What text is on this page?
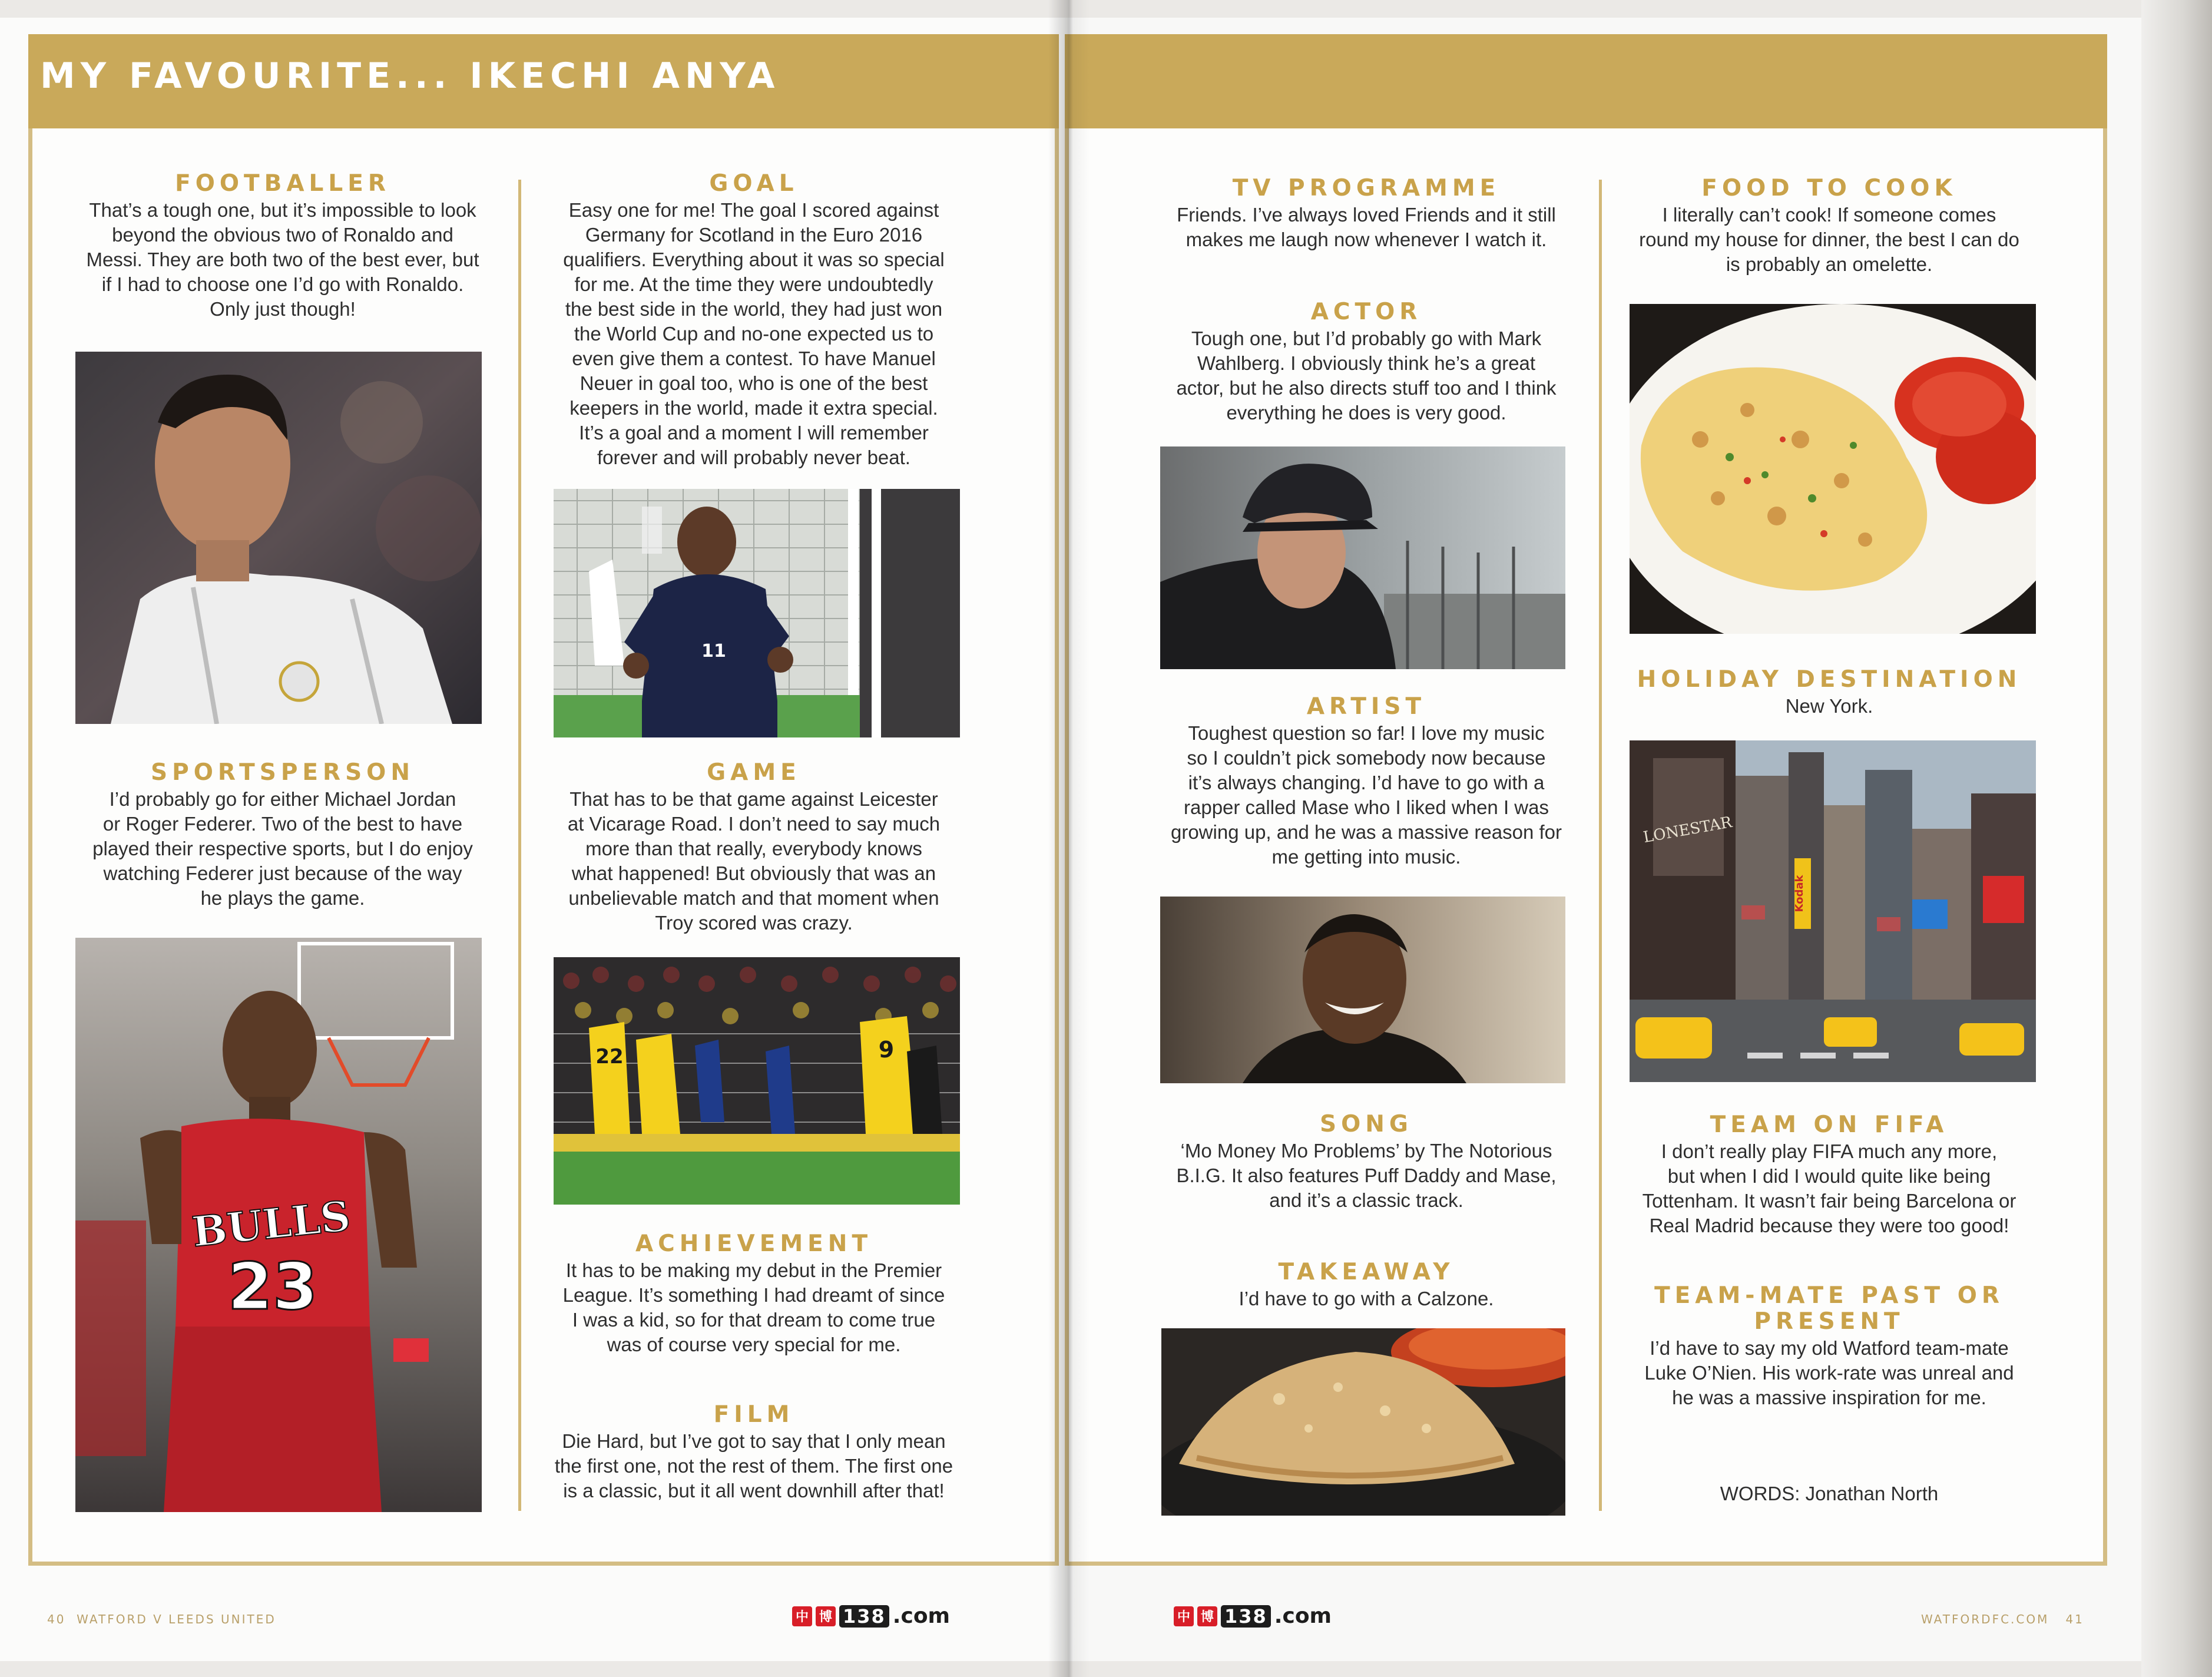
MY FAVOURITE... IKECHI ANYA
FOOTBALLER
That’s a tough one, but it’s impossible to look
beyond the obvious two of Ronaldo and
Messi. They are both two of the best ever, but
if I had to choose one I’d go with Ronaldo.
Only just though!
SPORTSPERSON
I’d probably go for either Michael Jordan
or Roger Federer. Two of the best to have
played their respective sports, but I do enjoy
watching Federer just because of the way
he plays the game.
BULLS
23
GOAL
Easy one for me! The goal I scored against
Germany for Scotland in the Euro 2016
qualifiers. Everything about it was so special
for me. At the time they were undoubtedly
the best side in the world, they had just won
the World Cup and no-one expected us to
even give them a contest. To have Manuel
Neuer in goal too, who is one of the best
keepers in the world, made it extra special.
It’s a goal and a moment I will remember
forever and will probably never beat.
11
GAME
That has to be that game against Leicester
at Vicarage Road. I don’t need to say much
more than that really, everybody knows
what happened! But obviously that was an
unbelievable match and that moment when
Troy scored was crazy.
22	9
ACHIEVEMENT
It has to be making my debut in the Premier
League. It’s something I had dreamt of since
I was a kid, so for that dream to come true
was of course very special for me.
FILM
Die Hard, but I’ve got to say that I only mean
the first one, not the rest of them. The first one
is a classic, but it all went downhill after that!
TV PROGRAMME
Friends. I’ve always loved Friends and it still
makes me laugh now whenever I watch it.
ACTOR
Tough one, but I’d probably go with Mark
Wahlberg. I obviously think he’s a great
actor, but he also directs stuff too and I think
everything he does is very good.
ARTIST
Toughest question so far! I love my music
so I couldn’t pick somebody now because
it’s always changing. I’d have to go with a
rapper called Mase who I liked when I was
growing up, and he was a massive reason for
me getting into music.
SONG
‘Mo Money Mo Problems’ by The Notorious
B.I.G. It also features Puff Daddy and Mase,
and it’s a classic track.
TAKEAWAY
I’d have to go with a Calzone.
FOOD TO COOK
I literally can’t cook! If someone comes
round my house for dinner, the best I can do
is probably an omelette.
HOLIDAY DESTINATION
New York.
LONESTAR
Kodak
TEAM ON FIFA
I don’t really play FIFA much any more,
but when I did I would quite like being
Tottenham. It wasn’t fair being Barcelona or
Real Madrid because they were too good!
TEAM-MATE PAST OR
PRESENT
I’d have to say my old Watford team-mate
Luke O’Nien. His work-rate was unreal and
he was a massive inspiration for me.
WORDS: Jonathan North
40 WATFORD V LEEDS UNITED	中 博 138 .com	中 博 138 .com	WATFORDFC.COM 41
